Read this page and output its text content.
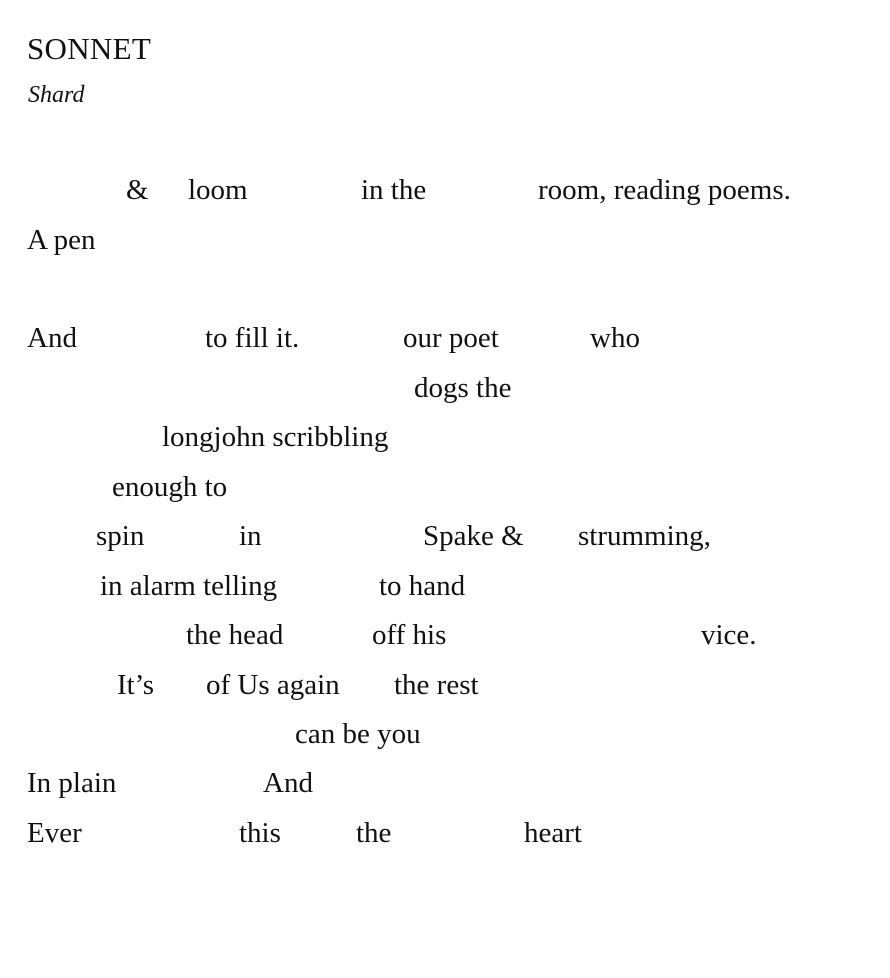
SONNET
Shard
& loom	in the	room, reading poems.
A pen
And	to fill it.	our poet	who
dogs the
longjohn scribbling
enough to
spin	in	Spake & strumming,
in alarm telling	to hand
the head	off his	vice.
It’s of Us again the rest
can be you
In plain	And
Ever	this	the	heart
